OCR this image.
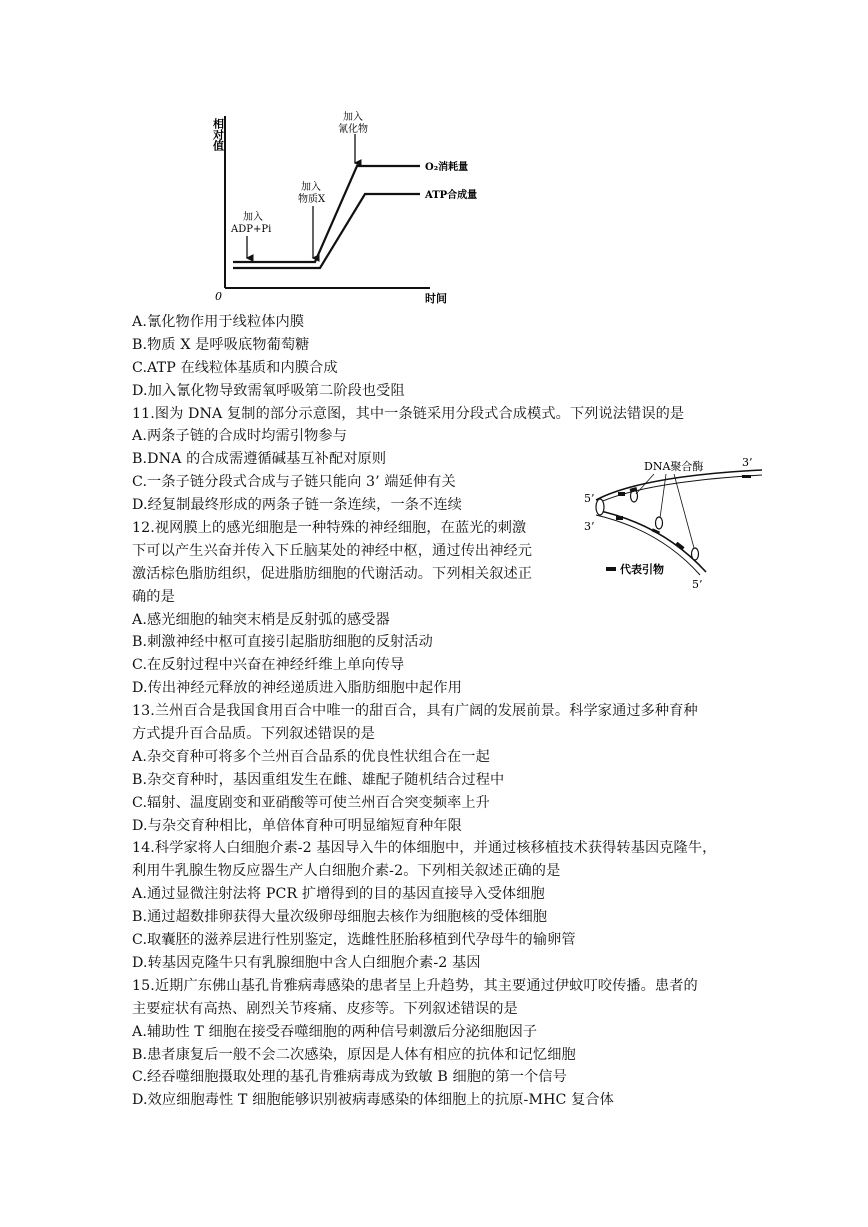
相对值
时间
0
加入
ADP+Pi
加入
物质X
加入
氰化物
O₂消耗量
ATP合成量
DNA聚合酶	3’
5’
3’
5’
代表引物
A.氰化物作用于线粒体内膜
B.物质 X 是呼吸底物葡萄糖
C.ATP 在线粒体基质和内膜合成
D.加入氰化物导致需氧呼吸第二阶段也受阻
11.图为 DNA 复制的部分示意图，其中一条链采用分段式合成模式。下列说法错误的是
A.两条子链的合成时均需引物参与
B.DNA 的合成需遵循碱基互补配对原则
C.一条子链分段式合成与子链只能向 3’ 端延伸有关
D.经复制最终形成的两条子链一条连续，一条不连续
12.视网膜上的感光细胞是一种特殊的神经细胞，在蓝光的刺激
下可以产生兴奋并传入下丘脑某处的神经中枢，通过传出神经元
激活棕色脂肪组织，促进脂肪细胞的代谢活动。下列相关叙述正
确的是
A.感光细胞的轴突末梢是反射弧的感受器
B.刺激神经中枢可直接引起脂肪细胞的反射活动
C.在反射过程中兴奋在神经纤维上单向传导
D.传出神经元释放的神经递质进入脂肪细胞中起作用
13.兰州百合是我国食用百合中唯一的甜百合，具有广阔的发展前景。科学家通过多种育种
方式提升百合品质。下列叙述错误的是
A.杂交育种可将多个兰州百合品系的优良性状组合在一起
B.杂交育种时，基因重组发生在雌、雄配子随机结合过程中
C.辐射、温度剧变和亚硝酸等可使兰州百合突变频率上升
D.与杂交育种相比，单倍体育种可明显缩短育种年限
14.科学家将人白细胞介素-2 基因导入牛的体细胞中，并通过核移植技术获得转基因克隆牛，
利用牛乳腺生物反应器生产人白细胞介素-2。下列相关叙述正确的是
A.通过显微注射法将 PCR 扩增得到的目的基因直接导入受体细胞
B.通过超数排卵获得大量次级卵母细胞去核作为细胞核的受体细胞
C.取囊胚的滋养层进行性别鉴定，选雌性胚胎移植到代孕母牛的输卵管
D.转基因克隆牛只有乳腺细胞中含人白细胞介素-2 基因
15.近期广东佛山基孔肯雅病毒感染的患者呈上升趋势，其主要通过伊蚊叮咬传播。患者的
主要症状有高热、剧烈关节疼痛、皮疹等。下列叙述错误的是
A.辅助性 T 细胞在接受吞噬细胞的两种信号刺激后分泌细胞因子
B.患者康复后一般不会二次感染，原因是人体有相应的抗体和记忆细胞
C.经吞噬细胞摄取处理的基孔肯雅病毒成为致敏 B 细胞的第一个信号
D.效应细胞毒性 T 细胞能够识别被病毒感染的体细胞上的抗原-MHC 复合体
